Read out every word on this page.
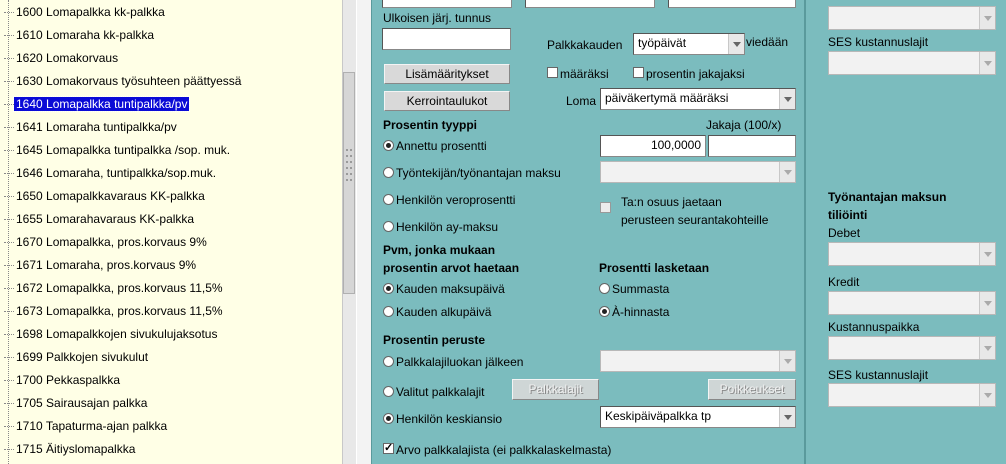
1600 Lomapalkka kk-palkka
1610 Lomaraha kk-palkka
1620 Lomakorvaus
1630 Lomakorvaus työsuhteen päättyessä
1640 Lomapalkka tuntipalkka/pv
1641 Lomaraha tuntipalkka/pv
1645 Lomapalkka tuntipalkka /sop. muk.
1646 Lomaraha, tuntipalkka/sop.muk.
1650 Lomapalkkavaraus KK-palkka
1655 Lomarahavaraus KK-palkka
1670 Lomapalkka, pros.korvaus 9%
1671 Lomaraha, pros.korvaus 9%
1672 Lomapalkka, pros.korvaus 11,5%
1673 Lomapalkka, pros.korvaus 11,5%
1698 Lomapalkkojen sivukulujaksotus
1699 Palkkojen sivukulut
1700 Pekkaspalkka
1705 Sairausajan palkka
1710 Tapaturma-ajan palkka
1715 Äitiyslomapalkka
Ulkoisen järj. tunnus
Palkkakauden	työpäivät	viedään
Lisämääritykset	määräksi	prosentin jakajaksi
Kerrointaulukot	Loma päiväkertymä määräksi
Prosentin tyyppi	Jakaja (100/x)
Annettu prosentti	100,0000
Työntekijän/työnantajan maksu
Henkilön veroprosentti	Ta:n osuus jaetaan
perusteen seurantakohteille
Henkilön ay-maksu
Pvm, jonka mukaan
prosentin arvot haetaan	Prosentti lasketaan
Kauden maksupäivä	Summasta
Kauden alkupäivä	À-hinnasta
Prosentin peruste
Palkkalajiluokan jälkeen
Valitut palkkalajit	Palkkalajit	Poikkeukset
Henkilön keskiansio	Keskipäiväpalkka tp
✓
Arvo palkkalajista (ei palkkalaskelmasta)
SES kustannuslajit
Työnantajan maksun
tiliöinti
Debet
Kredit
Kustannuspaikka
SES kustannuslajit
